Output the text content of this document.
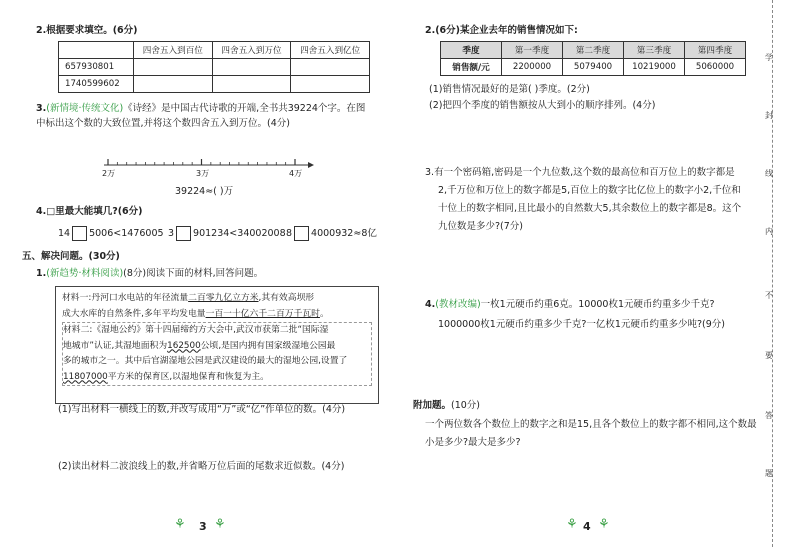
2.根据要求填空。(6分)
	四舍五入到百位	四舍五入到万位	四舍五入到亿位
657930801			
1740599602			
3.(新情境·传统文化)《诗经》是中国古代诗歌的开端,全书共39224个字。在图
中标出这个数的大致位置,并将这个数四舍五入到万位。(4分)
2万	3万	4万
39224≈( )万
4.□里最大能填几?(6分)
14 5006<1476005 3 901234<34002008 8 4000932≈8亿
五、解决问题。(30分)
1.(新趋势·材料阅读)(8分)阅读下面的材料,回答问题。
材料一:丹河口水电站的年径流量二百零九亿立方米,其有效高坝形
成大水库的自然条件,多年平均发电量一百一十亿六千二百万千瓦时。
材料二:《湿地公约》第十四届缔约方大会中,武汉市获第二批“国际湿
地城市”认证,其湿地面积为162500公顷,是国内拥有国家级湿地公园最
多的城市之一。其中后官湖湿地公园是武汉建设的最大的湿地公园,设置了
11807000平方米的保育区,以湿地保育和恢复为主。
(1)写出材料一横线上的数,并改写成用“万”或“亿”作单位的数。(4分)
(2)读出材料二波浪线上的数,并省略万位后面的尾数求近似数。(4分)
⚘ 3 ⚘
2.(6分)某企业去年的销售情况如下:
季度	第一季度	第二季度	第三季度	第四季度
销售额/元	2200000	5079400	10219000	5060000
(1)销售情况最好的是第( )季度。(2分)
(2)把四个季度的销售额按从大到小的顺序排列。(4分)
3.有一个密码箱,密码是一个九位数,这个数的最高位和百万位上的数字都是
2,千万位和万位上的数字都是5,百位上的数字比亿位上的数字小2,千位和
十位上的数字相同,且比最小的自然数大5,其余数位上的数字都是8。这个
九位数是多少?(7分)
4.(教材改编)一枚1元硬币约重6克。10000枚1元硬币约重多少千克?
1000000枚1元硬币约重多少千克?一亿枚1元硬币约重多少吨?(9分)
附加题。(10分)
一个两位数各个数位上的数字之和是15,且各个数位上的数字都不相同,这个数最
小是多少?最大是多少?
⚘ 4 ⚘
学
封
线
内
不
要
答
题
